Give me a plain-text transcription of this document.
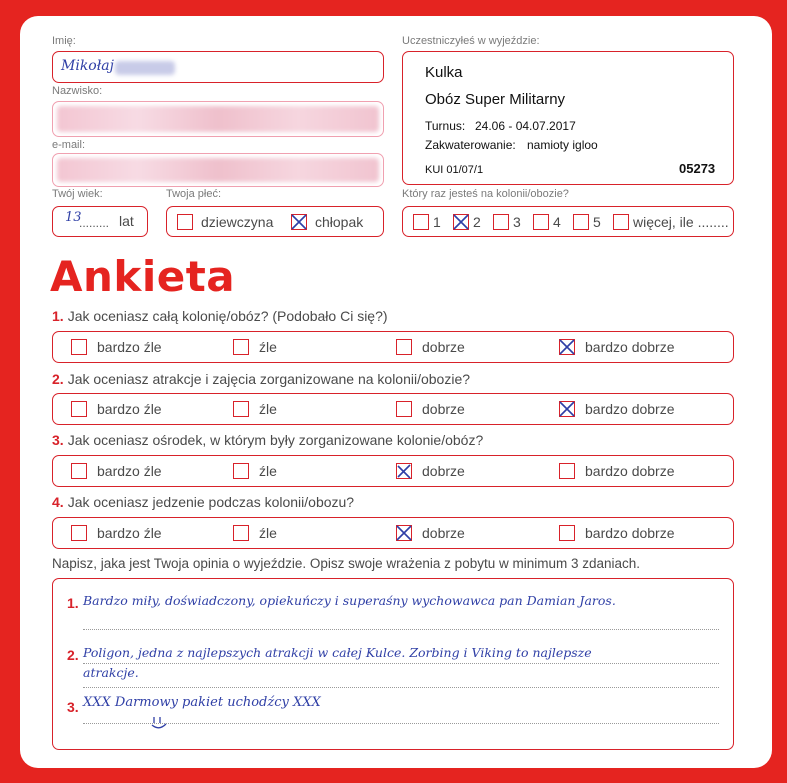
Imię:
Mikołaj
Nazwisko:
e-mail:
Twój wiek:
13
......... lat
Twoja płeć:
dziewczyna	chłopak
Uczestniczyłeś w wyjeździe:
Kulka
Obóz Super Militarny
Turnus: 24.06 - 04.07.2017
Zakwaterowanie: namioty igloo
KUI 01/07/1	05273
Który raz jesteś na kolonii/obozie?
1 2 3 4 5 więcej, ile ........
Ankieta
1. Jak oceniasz całą kolonię/obóz? (Podobało Ci się?)
bardzo źle	źle	dobrze	bardzo dobrze
2. Jak oceniasz atrakcje i zajęcia zorganizowane na kolonii/obozie?
bardzo źle	źle	dobrze	bardzo dobrze
3. Jak oceniasz ośrodek, w którym były zorganizowane kolonie/obóz?
bardzo źle	źle	dobrze	bardzo dobrze
4. Jak oceniasz jedzenie podczas kolonii/obozu?
bardzo źle	źle	dobrze	bardzo dobrze
Napisz, jaka jest Twoja opinia o wyjeździe. Opisz swoje wrażenia z pobytu w minimum 3 zdaniach.
1. Bardzo miły, doświadczony, opiekuńczy i superaśny wychowawca pan Damian Jaros.
2. Poligon, jedna z najlepszych atrakcji w całej Kulce. Zorbing i Viking to najlepsze
atrakcje.
3. XXX Darmowy pakiet uchodźcy XXX
